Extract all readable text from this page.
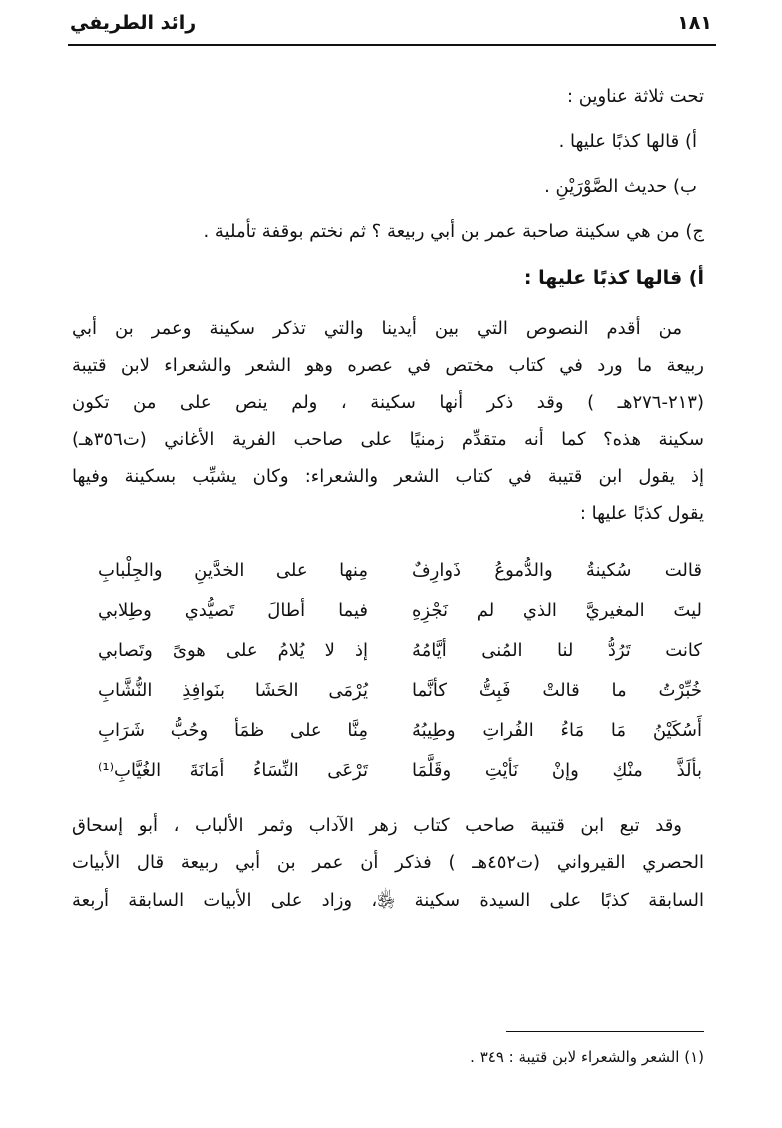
١٨١
رائد الطريفي
تحت ثلاثة عناوين :
أ) قالها كذبًا عليها .
ب) حديث الصَّوْرَيْنِ .
ج) من هي سكينة صاحبة عمر بن أبي ربيعة ؟ ثم نختم بوقفة تأملية .
أ) قالها كذبًا عليها :
من أقدم النصوص التي بين أيدينا والتي تذكر سكينة وعمر بن أبي
ربيعة ما ورد في كتاب مختص في عصره وهو الشعر والشعراء لابن قتيبة
(٢١٣-٢٧٦هـ ) وقد ذكر أنها سكينة ، ولم ينص على من تكون
سكينة هذه؟ كما أنه متقدِّم زمنيًا على صاحب الفرية الأغاني (ت٣٥٦هـ)
إذ يقول ابن قتيبة في كتاب الشعر والشعراء: وكان يشبِّب بسكينة وفيها
يقول كذبًا عليها :
قالت سُكينةُ والدُّموعُ ذَوارِفٌ
مِنها على الخدَّينِ والجِلْبابِ
ليتَ المغيريَّ الذي لم نَجْزِهِ
فيما أطالَ تَصيُّدي وطِلابي
كانت تَرُدُّ لنا المُنى أيَّامُهُ
إذ لا يُلامُ على هوىً وتَصابي
خُبِّرْتُ ما قالتْ فَبِتُّ كأنَّما
يُرْمَى الحَشَا بنَوافِذِ النُّشَّابِ
أَسُكَيْنُ مَا مَاءُ الفُراتِ وطِيبُهُ
مِنَّا على ظمَأ وحُبُّ شَرَابِ
بألَذَّ منْكِ وإنْ نَأيْتِ وقَلَّمَا
تَرْعَى النِّسَاءُ أمَانَةَ الغُيَّابِ⁽¹⁾
وقد تبع ابن قتيبة صاحب كتاب زهر الآداب وثمر الألباب ، أبو إسحاق
الحصري القيرواني (ت٤٥٢هـ ) فذكر أن عمر بن أبي ربيعة قال الأبيات
السابقة كذبًا على السيدة سكينة ﵂، وزاد على الأبيات السابقة أربعة
(١) الشعر والشعراء لابن قتيبة : ٣٤٩ .
